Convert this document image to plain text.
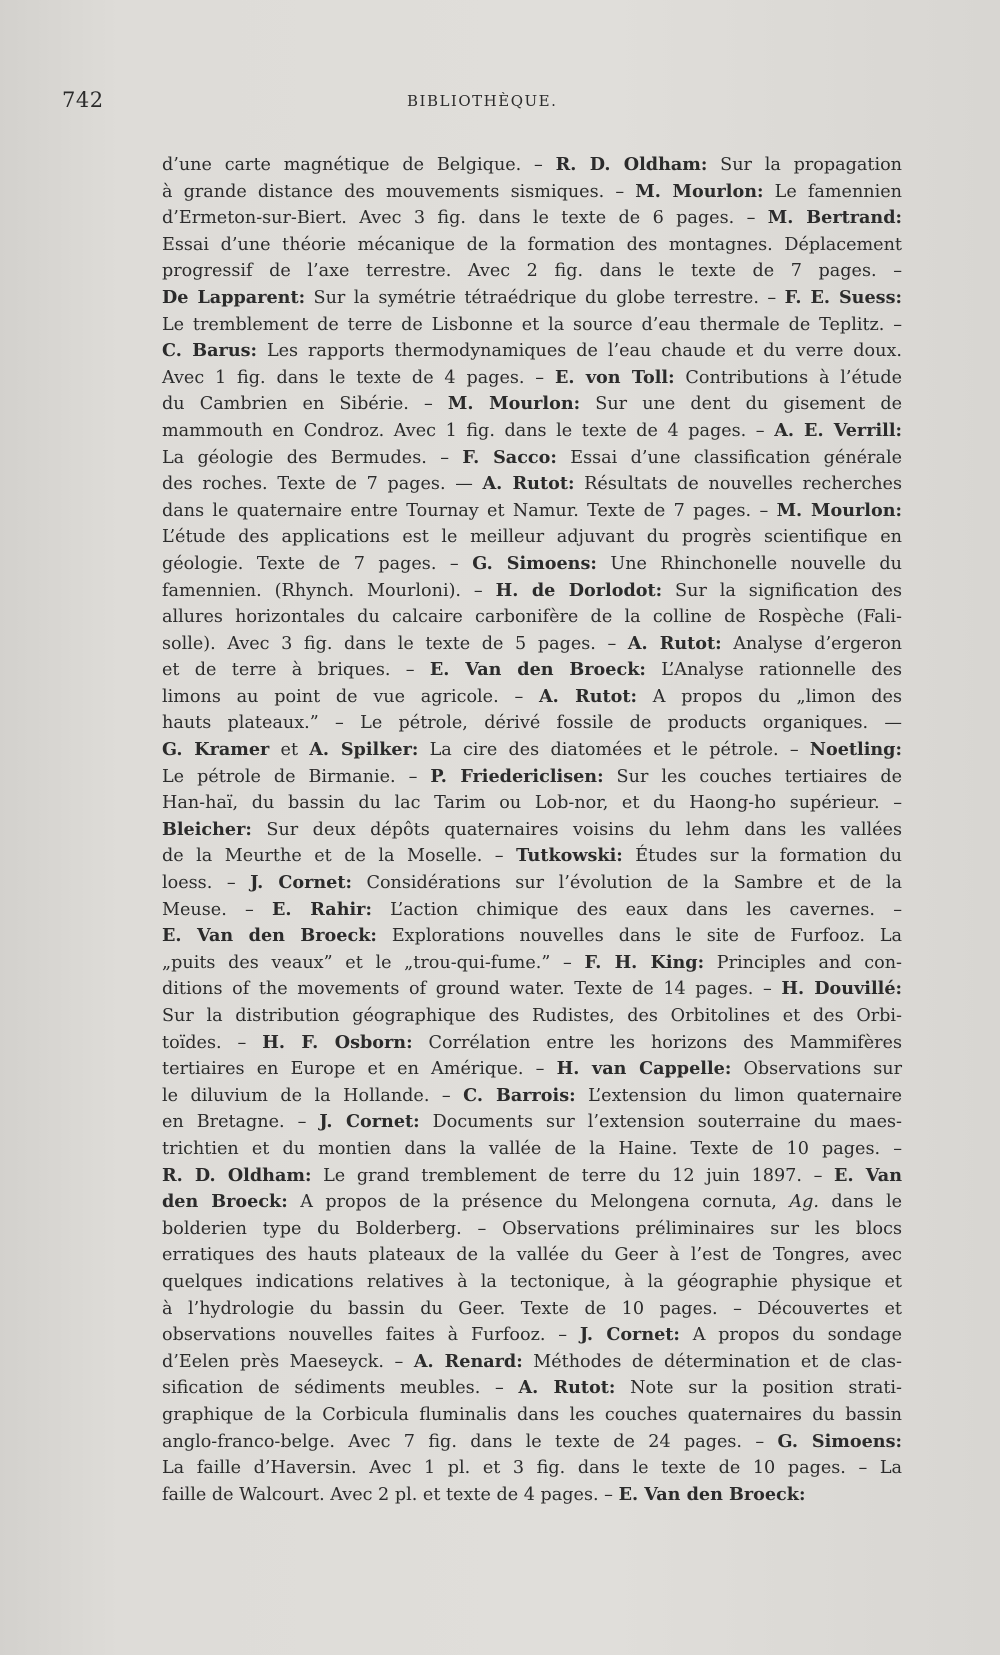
742	BIBLIOTHÈQUE.
d’une carte magnétique de Belgique. – R. D. Oldham: Sur la propagation
à grande distance des mouvements sismiques. – M. Mourlon: Le famennien
d’Ermeton-sur-Biert. Avec 3 fig. dans le texte de 6 pages. – M. Bertrand:
Essai d’une théorie mécanique de la formation des montagnes. Déplacement
progressif de l’axe terrestre. Avec 2 fig. dans le texte de 7 pages. –
De Lapparent: Sur la symétrie tétraédrique du globe terrestre. – F. E. Suess:
Le tremblement de terre de Lisbonne et la source d’eau thermale de Teplitz. –
C. Barus: Les rapports thermodynamiques de l’eau chaude et du verre doux.
Avec 1 fig. dans le texte de 4 pages. – E. von Toll: Contributions à l’étude
du Cambrien en Sibérie. – M. Mourlon: Sur une dent du gisement de
mammouth en Condroz. Avec 1 fig. dans le texte de 4 pages. – A. E. Verrill:
La géologie des Bermudes. – F. Sacco: Essai d’une classification générale
des roches. Texte de 7 pages. — A. Rutot: Résultats de nouvelles recherches
dans le quaternaire entre Tournay et Namur. Texte de 7 pages. – M. Mourlon:
L’étude des applications est le meilleur adjuvant du progrès scientifique en
géologie. Texte de 7 pages. – G. Simoens: Une Rhinchonelle nouvelle du
famennien. (Rhynch. Mourloni). – H. de Dorlodot: Sur la signification des
allures horizontales du calcaire carbonifère de la colline de Rospèche (Fali-
solle). Avec 3 fig. dans le texte de 5 pages. – A. Rutot: Analyse d’ergeron
et de terre à briques. – E. Van den Broeck: L’Analyse rationnelle des
limons au point de vue agricole. – A. Rutot: A propos du „limon des
hauts plateaux.” – Le pétrole, dérivé fossile de products organiques. —
G. Kramer et A. Spilker: La cire des diatomées et le pétrole. – Noetling:
Le pétrole de Birmanie. – P. Friedericlisen: Sur les couches tertiaires de
Han-haï, du bassin du lac Tarim ou Lob-nor, et du Haong-ho supérieur. –
Bleicher: Sur deux dépôts quaternaires voisins du lehm dans les vallées
de la Meurthe et de la Moselle. – Tutkowski: Études sur la formation du
loess. – J. Cornet: Considérations sur l’évolution de la Sambre et de la
Meuse. – E. Rahir: L’action chimique des eaux dans les cavernes. –
E. Van den Broeck: Explorations nouvelles dans le site de Furfooz. La
„puits des veaux” et le „trou-qui-fume.” – F. H. King: Principles and con-
ditions of the movements of ground water. Texte de 14 pages. – H. Douvillé:
Sur la distribution géographique des Rudistes, des Orbitolines et des Orbi-
toïdes. – H. F. Osborn: Corrélation entre les horizons des Mammifères
tertiaires en Europe et en Amérique. – H. van Cappelle: Observations sur
le diluvium de la Hollande. – C. Barrois: L’extension du limon quaternaire
en Bretagne. – J. Cornet: Documents sur l’extension souterraine du maes-
trichtien et du montien dans la vallée de la Haine. Texte de 10 pages. –
R. D. Oldham: Le grand tremblement de terre du 12 juin 1897. – E. Van
den Broeck: A propos de la présence du Melongena cornuta, Ag. dans le
bolderien type du Bolderberg. – Observations préliminaires sur les blocs
erratiques des hauts plateaux de la vallée du Geer à l’est de Tongres, avec
quelques indications relatives à la tectonique, à la géographie physique et
à l’hydrologie du bassin du Geer. Texte de 10 pages. – Découvertes et
observations nouvelles faites à Furfooz. – J. Cornet: A propos du sondage
d’Eelen près Maeseyck. – A. Renard: Méthodes de détermination et de clas-
sification de sédiments meubles. – A. Rutot: Note sur la position strati-
graphique de la Corbicula fluminalis dans les couches quaternaires du bassin
anglo-franco-belge. Avec 7 fig. dans le texte de 24 pages. – G. Simoens:
La faille d’Haversin. Avec 1 pl. et 3 fig. dans le texte de 10 pages. – La
faille de Walcourt. Avec 2 pl. et texte de 4 pages. – E. Van den Broeck:
